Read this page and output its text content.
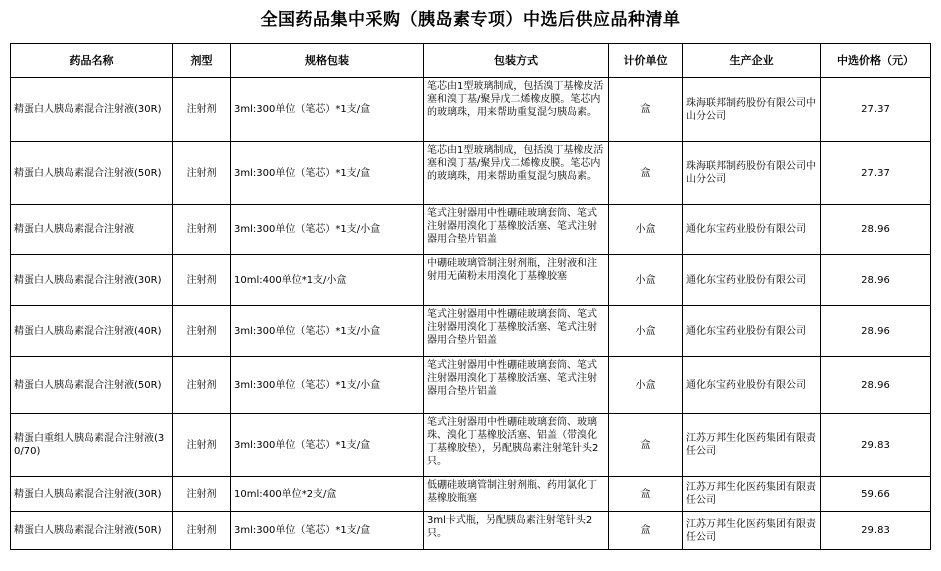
全国药品集中采购（胰岛素专项）中选后供应品种清单
药品名称	剂型	规格包装	包装方式	计价单位	生产企业	中选价格（元）
精蛋白人胰岛素混合注射液(30R)	注射剂	3ml:300单位（笔芯）*1支/盒	笔芯由1型玻璃制成，包括溴丁基橡皮活塞和溴丁基/聚异戊二烯橡皮膜。笔芯内的玻璃珠，用来帮助重复混匀胰岛素。	盒	珠海联邦制药股份有限公司中山分公司	27.37
精蛋白人胰岛素混合注射液(50R)	注射剂	3ml:300单位（笔芯）*1支/盒	笔芯由1型玻璃制成，包括溴丁基橡皮活塞和溴丁基/聚异戊二烯橡皮膜。笔芯内的玻璃珠，用来帮助重复混匀胰岛素。	盒	珠海联邦制药股份有限公司中山分公司	27.37
精蛋白人胰岛素混合注射液	注射剂	3ml:300单位（笔芯）*1支/小盒	笔式注射器用中性硼硅玻璃套筒、笔式注射器用溴化丁基橡胶活塞、笔式注射器用合垫片铝盖	小盒	通化东宝药业股份有限公司	28.96
精蛋白人胰岛素混合注射液(30R)	注射剂	10ml:400单位*1支/小盒	中硼硅玻璃管制注射剂瓶，注射液和注射用无菌粉末用溴化丁基橡胶塞	小盒	通化东宝药业股份有限公司	28.96
精蛋白人胰岛素混合注射液(40R)	注射剂	3ml:300单位（笔芯）*1支/小盒	笔式注射器用中性硼硅玻璃套筒、笔式注射器用溴化丁基橡胶活塞、笔式注射器用合垫片铝盖	小盒	通化东宝药业股份有限公司	28.96
精蛋白人胰岛素混合注射液(50R)	注射剂	3ml:300单位（笔芯）*1支/小盒	笔式注射器用中性硼硅玻璃套筒、笔式注射器用溴化丁基橡胶活塞、笔式注射器用合垫片铝盖	小盒	通化东宝药业股份有限公司	28.96
精蛋白重组人胰岛素混合注射液(30/70)	注射剂	3ml:300单位（笔芯）*1支/盒	笔式注射器用中性硼硅玻璃套筒、玻璃珠、溴化丁基橡胶活塞、铝盖（带溴化丁基橡胶垫），另配胰岛素注射笔针头2只。	盒	江苏万邦生化医药集团有限责任公司	29.83
精蛋白人胰岛素混合注射液(30R)	注射剂	10ml:400单位*2支/盒	低硼硅玻璃管制注射剂瓶、药用氯化丁基橡胶瓶塞	盒	江苏万邦生化医药集团有限责任公司	59.66
精蛋白人胰岛素混合注射液(50R)	注射剂	3ml:300单位（笔芯）*1支/盒	3ml卡式瓶，另配胰岛素注射笔针头2只。	盒	江苏万邦生化医药集团有限责任公司	29.83
